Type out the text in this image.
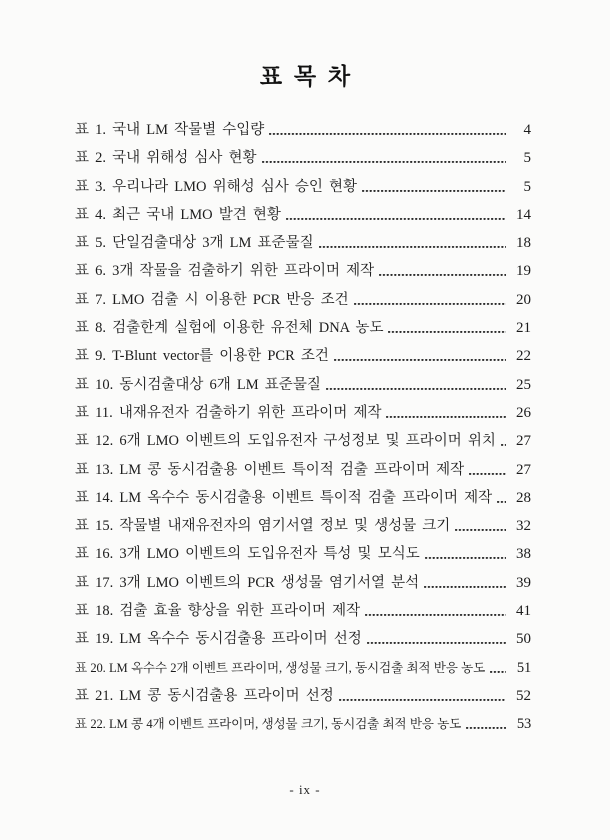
표 목 차
표 1. 국내 LM 작물별 수입량	4
표 2. 국내 위해성 심사 현황	5
표 3. 우리나라 LMO 위해성 심사 승인 현황	5
표 4. 최근 국내 LMO 발견 현황	14
표 5. 단일검출대상 3개 LM 표준물질	18
표 6. 3개 작물을 검출하기 위한 프라이머 제작	19
표 7. LMO 검출 시 이용한 PCR 반응 조건	20
표 8. 검출한계 실험에 이용한 유전체 DNA 농도	21
표 9. T-Blunt vector를 이용한 PCR 조건	22
표 10. 동시검출대상 6개 LM 표준물질	25
표 11. 내재유전자 검출하기 위한 프라이머 제작	26
표 12. 6개 LMO 이벤트의 도입유전자 구성정보 및 프라이머 위치	27
표 13. LM 콩 동시검출용 이벤트 특이적 검출 프라이머 제작	27
표 14. LM 옥수수 동시검출용 이벤트 특이적 검출 프라이머 제작	28
표 15. 작물별 내재유전자의 염기서열 정보 및 생성물 크기	32
표 16. 3개 LMO 이벤트의 도입유전자 특성 및 모식도	38
표 17. 3개 LMO 이벤트의 PCR 생성물 염기서열 분석	39
표 18. 검출 효율 향상을 위한 프라이머 제작	41
표 19. LM 옥수수 동시검출용 프라이머 선정	50
표 20. LM 옥수수 2개 이벤트 프라이머, 생성물 크기, 동시검출 최적 반응 농도	51
표 21. LM 콩 동시검출용 프라이머 선정	52
표 22. LM 콩 4개 이벤트 프라이머, 생성물 크기, 동시검출 최적 반응 농도	53
- ix -
